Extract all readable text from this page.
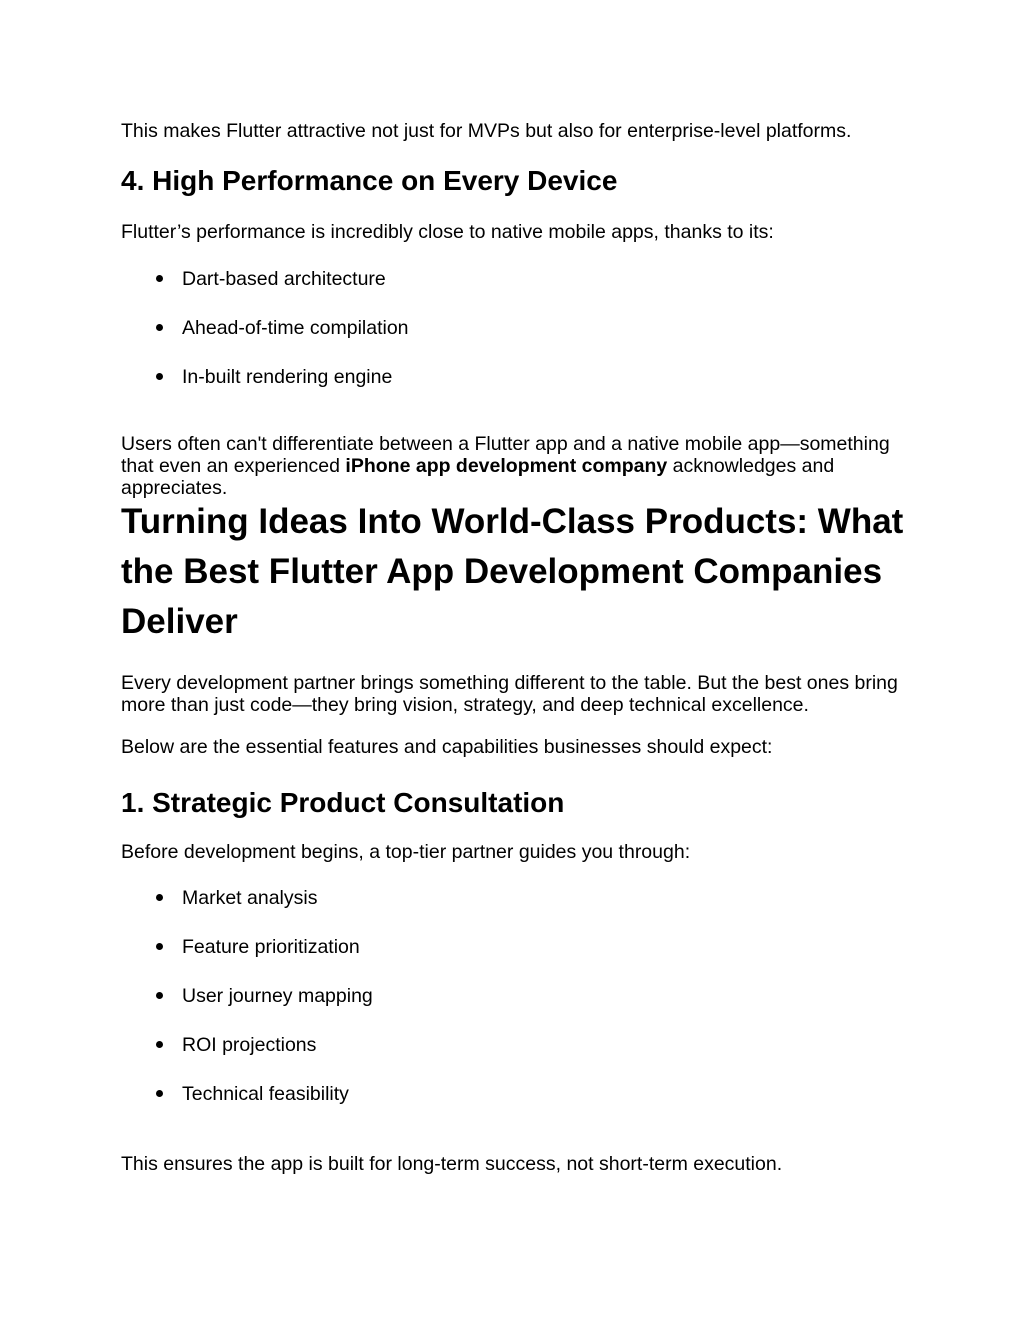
This makes Flutter attractive not just for MVPs but also for enterprise-level platforms.

4. High Performance on Every Device

Flutter’s performance is incredibly close to native mobile apps, thanks to its:

Dart-based architecture
Ahead-of-time compilation
In-built rendering engine

Users often can't differentiate between a Flutter app and a native mobile app—something that even an experienced iPhone app development company acknowledges and appreciates.

Turning Ideas Into World-Class Products: What the Best Flutter App Development Companies Deliver

Every development partner brings something different to the table. But the best ones bring more than just code—they bring vision, strategy, and deep technical excellence.

Below are the essential features and capabilities businesses should expect:

1. Strategic Product Consultation

Before development begins, a top-tier partner guides you through:

Market analysis
Feature prioritization
User journey mapping
ROI projections
Technical feasibility

This ensures the app is built for long-term success, not short-term execution.
